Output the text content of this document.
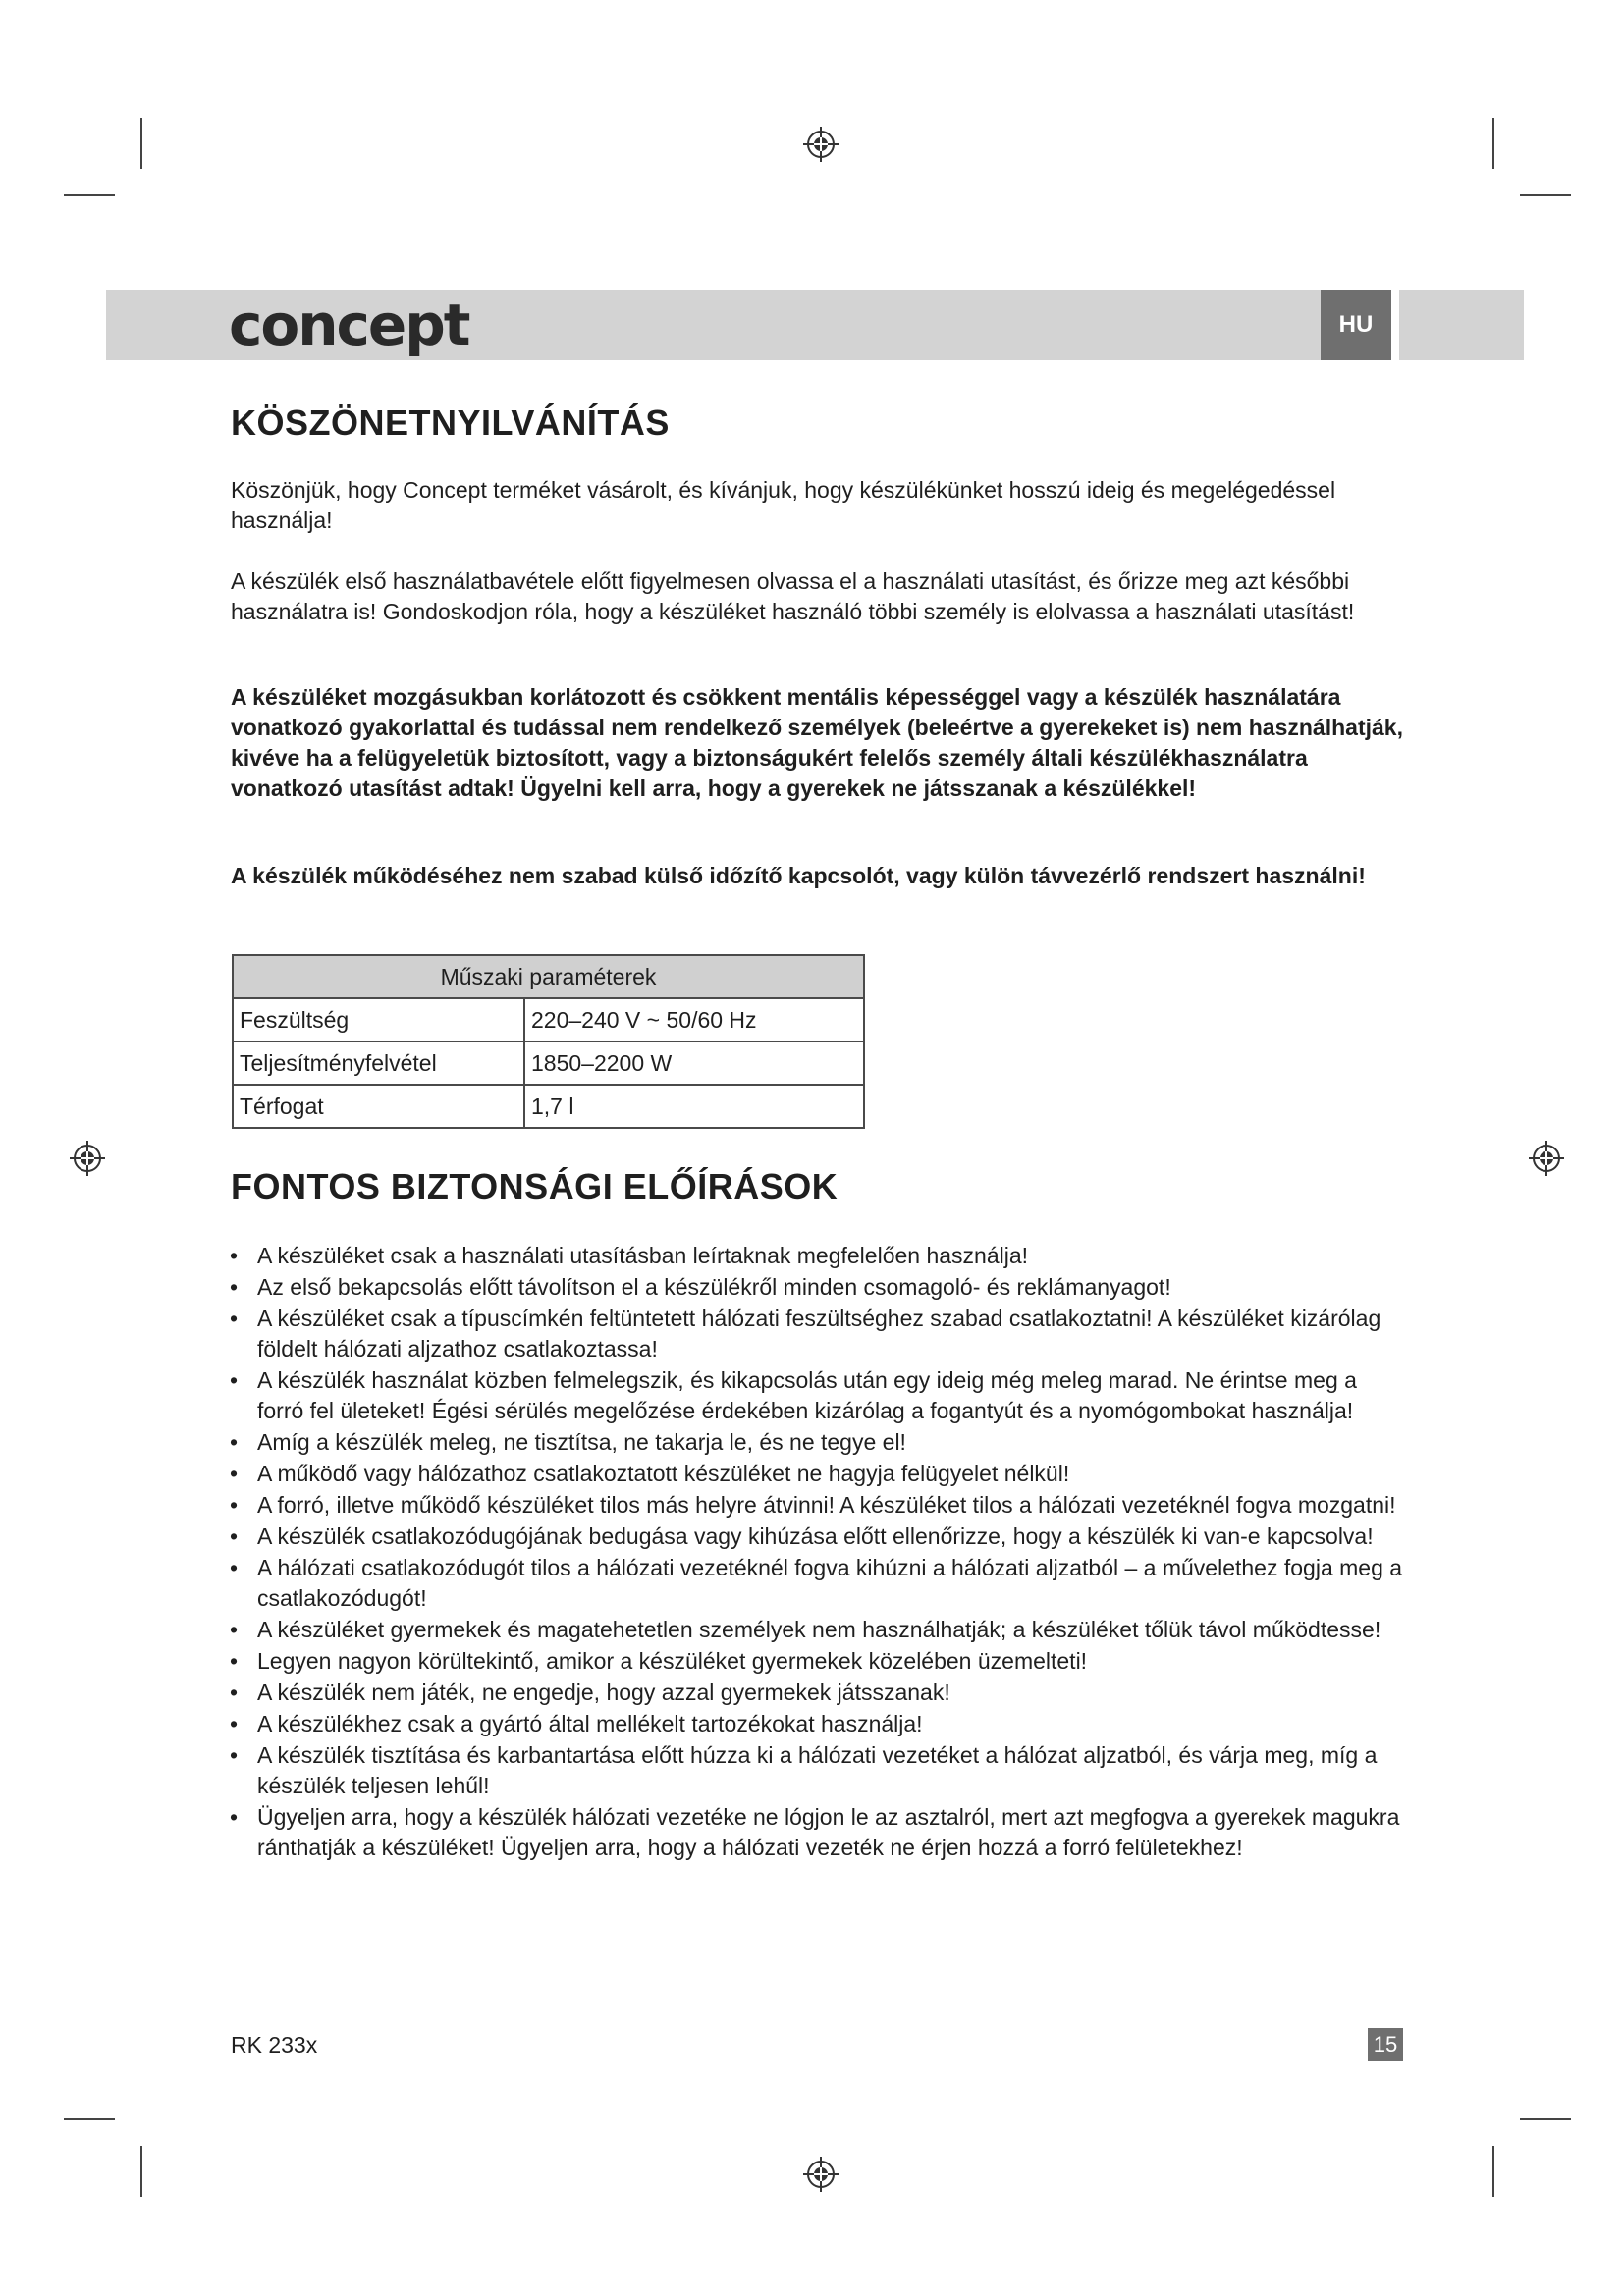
concept	HU
KÖSZÖNETNYILVÁNÍTÁS

Köszönjük, hogy Concept terméket vásárolt, és kívánjuk, hogy készülékünket hosszú ideig és megelégedéssel használja!

A készülék első használatbavétele előtt figyelmesen olvassa el a használati utasítást, és őrizze meg azt későbbi használatra is! Gondoskodjon róla, hogy a készüléket használó többi személy is elolvassa a használati utasítást!

A készüléket mozgásukban korlátozott és csökkent mentális képességgel vagy a készülék használatára vonatkozó gyakorlattal és tudással nem rendelkező személyek (beleértve a gyerekeket is) nem használhatják, kivéve ha a felügyeletük biztosított, vagy a biztonságukért felelős személy általi készülékhasználatra vonatkozó utasítást adtak! Ügyelni kell arra, hogy a gyerekek ne játsszanak a készülékkel!

A készülék működéséhez nem szabad külső időzítő kapcsolót, vagy külön távvezérlő rendszert használni!

Műszaki paraméterek	
Feszültség	220–240 V ~ 50/60 Hz
Teljesítményfelvétel	1850–2200 W
Térfogat	1,7 l
FONTOS BIZTONSÁGI ELŐÍRÁSOK
• A készüléket csak a használati utasításban leírtaknak megfelelően használja!
• Az első bekapcsolás előtt távolítson el a készülékről minden csomagoló- és reklámanyagot!
• A készüléket csak a típuscímkén feltüntetett hálózati feszültséghez szabad csatlakoztatni! A készüléket kizárólag földelt hálózati aljzathoz csatlakoztassa!
• A készülék használat közben felmelegszik, és kikapcsolás után egy ideig még meleg marad. Ne érintse meg a forró fel ületeket! Égési sérülés megelőzése érdekében kizárólag a fogantyút és a nyomógombokat használja!
• Amíg a készülék meleg, ne tisztítsa, ne takarja le, és ne tegye el!
• A működő vagy hálózathoz csatlakoztatott készüléket ne hagyja felügyelet nélkül!
• A forró, illetve működő készüléket tilos más helyre átvinni! A készüléket tilos a hálózati vezetéknél fogva mozgatni!
• A készülék csatlakozódugójának bedugása vagy kihúzása előtt ellenőrizze, hogy a készülék ki van-e kapcsolva!
• A hálózati csatlakozódugót tilos a hálózati vezetéknél fogva kihúzni a hálózati aljzatból – a művelethez fogja meg a csatlakozódugót!
• A készüléket gyermekek és magatehetetlen személyek nem használhatják; a készüléket tőlük távol működtesse!
• Legyen nagyon körültekintő, amikor a készüléket gyermekek közelében üzemelteti!
• A készülék nem játék, ne engedje, hogy azzal gyermekek játsszanak!
• A készülékhez csak a gyártó által mellékelt tartozékokat használja!
• A készülék tisztítása és karbantartása előtt húzza ki a hálózati vezetéket a hálózat aljzatból, és várja meg, míg a készülék teljesen lehűl!
• Ügyeljen arra, hogy a készülék hálózati vezetéke ne lógjon le az asztalról, mert azt megfogva a gyerekek magukra ránthatják a készüléket! Ügyeljen arra, hogy a hálózati vezeték ne érjen hozzá a forró felületekhez!
RK 233x	15
